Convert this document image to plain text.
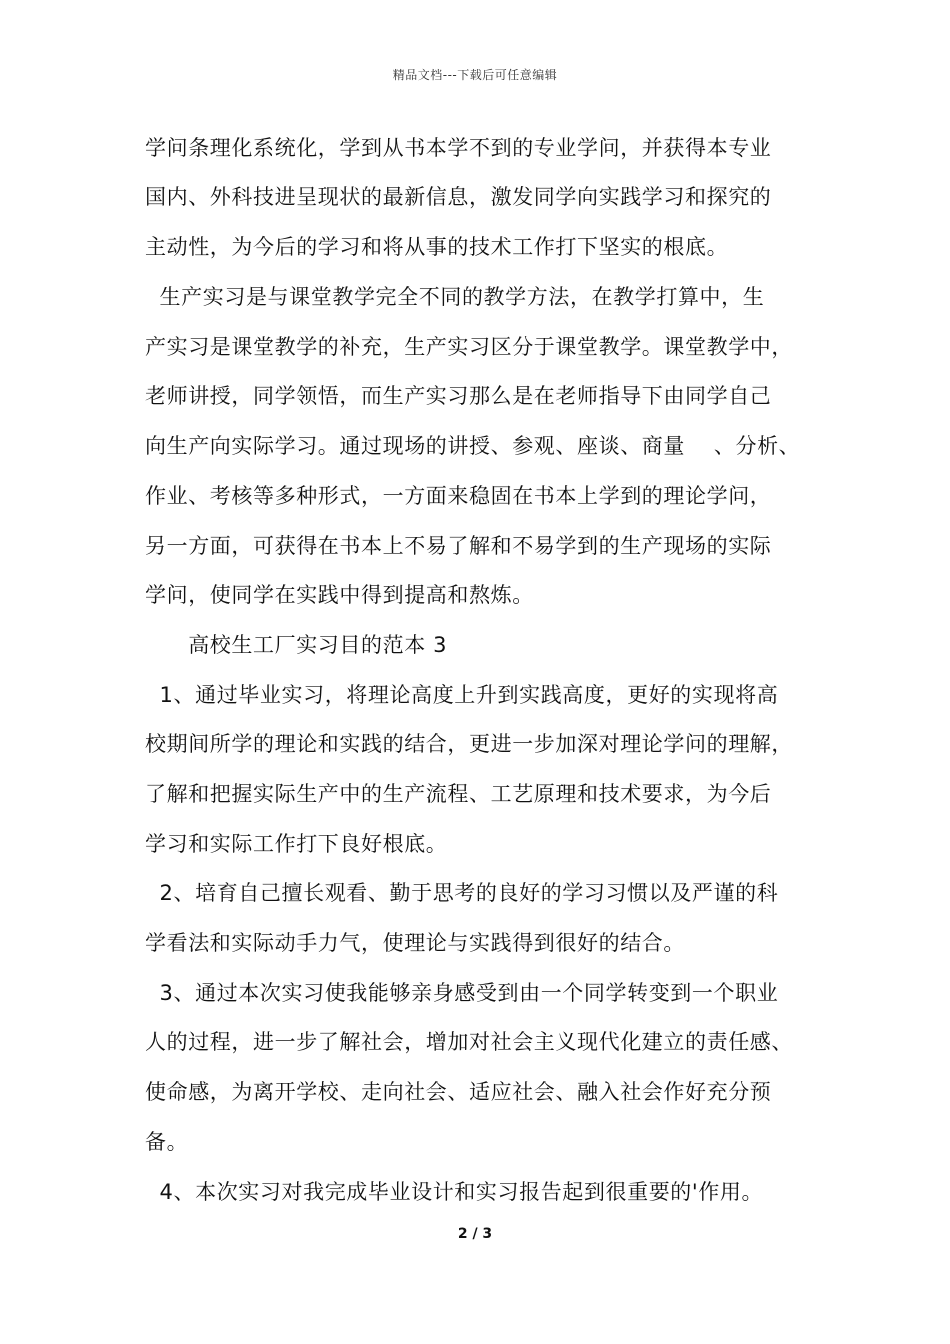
精品文档---下载后可任意编辑
学问条理化系统化，学到从书本学不到的专业学问，并获得本专业
国内、外科技进呈现状的最新信息，激发同学向实践学习和探究的
主动性，为今后的学习和将从事的技术工作打下坚实的根底。
生产实习是与课堂教学完全不同的教学方法，在教学打算中，生
产实习是课堂教学的补充，生产实习区分于课堂教学。课堂教学中，
老师讲授，同学领悟，而生产实习那么是在老师指导下由同学自己
向生产向实际学习。通过现场的讲授、参观、座谈、商量　 、分析、
作业、考核等多种形式，一方面来稳固在书本上学到的理论学问，
另一方面，可获得在书本上不易了解和不易学到的生产现场的实际
学问，使同学在实践中得到提高和熬炼。
　　高校生工厂实习目的范本 3
1、通过毕业实习，将理论高度上升到实践高度，更好的实现将高
校期间所学的理论和实践的结合，更进一步加深对理论学问的理解，
了解和把握实际生产中的生产流程、工艺原理和技术要求，为今后
学习和实际工作打下良好根底。
2、培育自己擅长观看、勤于思考的良好的学习习惯以及严谨的科
学看法和实际动手力气，使理论与实践得到很好的结合。
3、通过本次实习使我能够亲身感受到由一个同学转变到一个职业
人的过程，进一步了解社会，增加对社会主义现代化建立的责任感、
使命感，为离开学校、走向社会、适应社会、融入社会作好充分预
备。
4、本次实习对我完成毕业设计和实习报告起到很重要的'作用。
2 / 3
